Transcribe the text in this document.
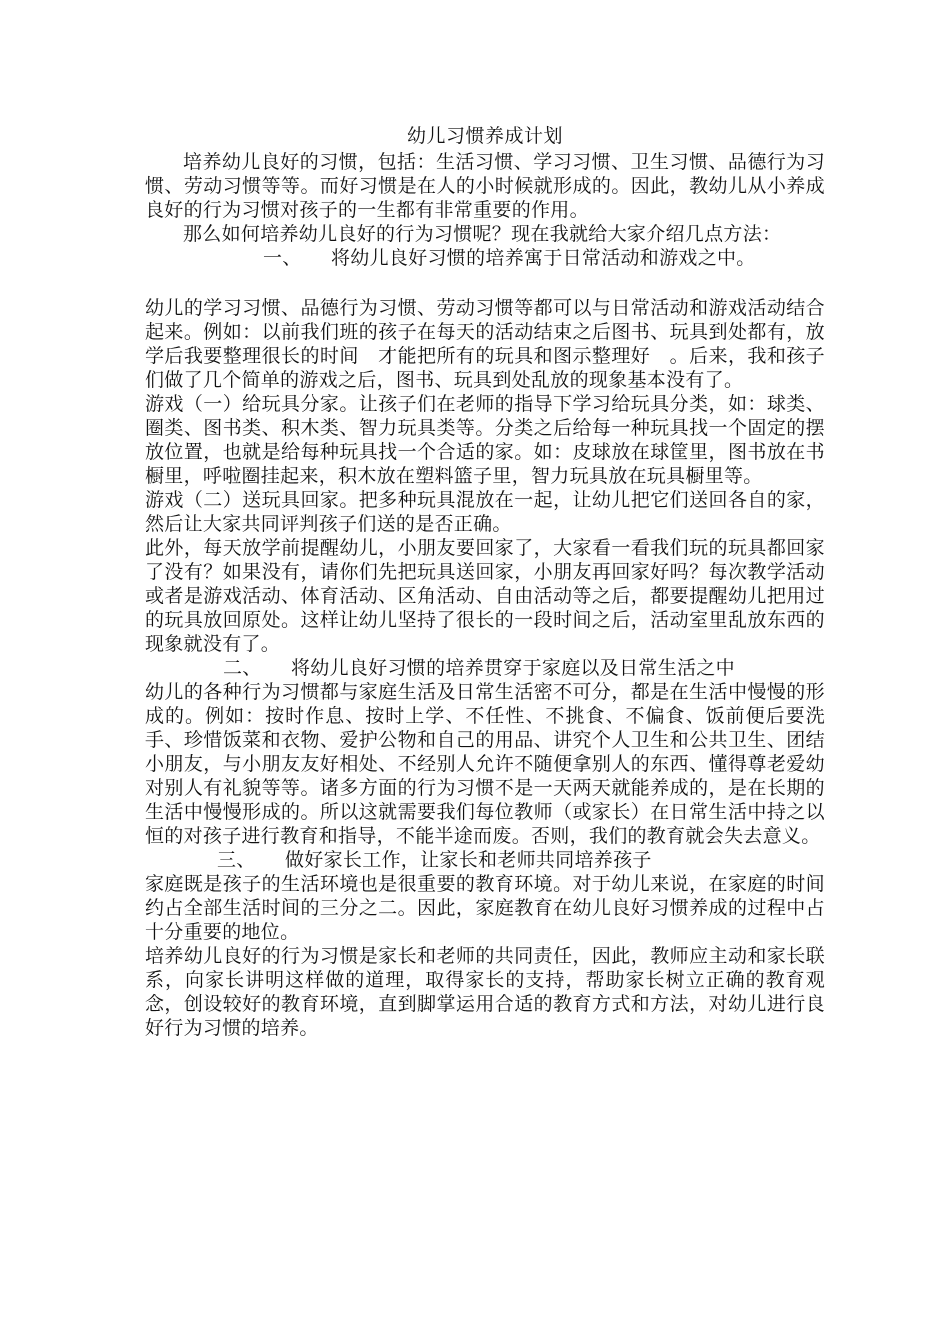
幼儿习惯养成计划

培养幼儿良好的习惯，包括：生活习惯、学习习惯、卫生习惯、品德行为习惯、劳动习惯等等。而好习惯是在人的小时候就形成的。因此，教幼儿从小养成良好的行为习惯对孩子的一生都有非常重要的作用。

那么如何培养幼儿良好的行为习惯呢？现在我就给大家介绍几点方法：

一、 将幼儿良好习惯的培养寓于日常活动和游戏之中。

幼儿的学习习惯、品德行为习惯、劳动习惯等都可以与日常活动和游戏活动结合起来。例如：以前我们班的孩子在每天的活动结束之后图书、玩具到处都有，放学后我要整理很长的时间　才能把所有的玩具和图示整理好　。后来，我和孩子们做了几个简单的游戏之后，图书、玩具到处乱放的现象基本没有了。

游戏（一）给玩具分家。让孩子们在老师的指导下学习给玩具分类，如：球类、圈类、图书类、积木类、智力玩具类等。分类之后给每一种玩具找一个固定的摆放位置，也就是给每种玩具找一个合适的家。如：皮球放在球筐里，图书放在书橱里，呼啦圈挂起来，积木放在塑料篮子里，智力玩具放在玩具橱里等。

游戏（二）送玩具回家。把多种玩具混放在一起，让幼儿把它们送回各自的家，然后让大家共同评判孩子们送的是否正确。

此外，每天放学前提醒幼儿，小朋友要回家了，大家看一看我们玩的玩具都回家了没有？如果没有，请你们先把玩具送回家，小朋友再回家好吗？每次教学活动或者是游戏活动、体育活动、区角活动、自由活动等之后，都要提醒幼儿把用过的玩具放回原处。这样让幼儿坚持了很长的一段时间之后，活动室里乱放东西的现象就没有了。

二、 将幼儿良好习惯的培养贯穿于家庭以及日常生活之中

幼儿的各种行为习惯都与家庭生活及日常生活密不可分，都是在生活中慢慢的形成的。例如：按时作息、按时上学、不任性、不挑食、不偏食、饭前便后要洗手、珍惜饭菜和衣物、爱护公物和自己的用品、讲究个人卫生和公共卫生、团结小朋友，与小朋友友好相处、不经别人允许不随便拿别人的东西、懂得尊老爱幼对别人有礼貌等等。诸多方面的行为习惯不是一天两天就能养成的，是在长期的生活中慢慢形成的。所以这就需要我们每位教师（或家长）在日常生活中持之以恒的对孩子进行教育和指导，不能半途而废。否则，我们的教育就会失去意义。

三、 做好家长工作，让家长和老师共同培养孩子

家庭既是孩子的生活环境也是很重要的教育环境。对于幼儿来说，在家庭的时间约占全部生活时间的三分之二。因此，家庭教育在幼儿良好习惯养成的过程中占十分重要的地位。

培养幼儿良好的行为习惯是家长和老师的共同责任，因此，教师应主动和家长联系，向家长讲明这样做的道理，取得家长的支持，帮助家长树立正确的教育观念，创设较好的教育环境，直到脚掌运用合适的教育方式和方法，对幼儿进行良好行为习惯的培养。
